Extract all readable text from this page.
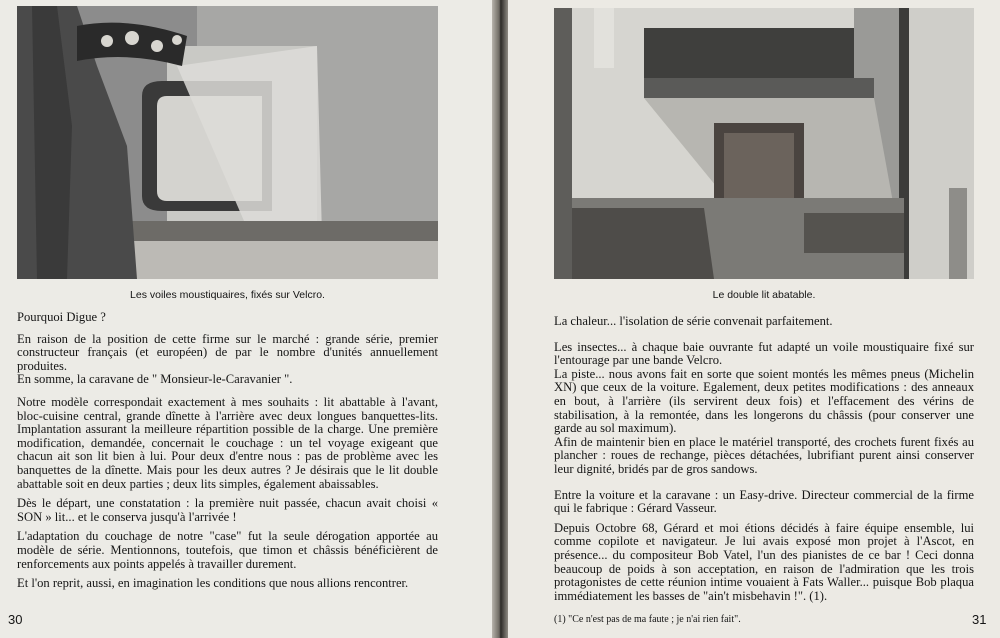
Les voiles moustiquaires, fixés sur Velcro.

Pourquoi Digue ?

En raison de la position de cette firme sur le marché : grande série, premier constructeur français (et européen) de par le nombre d'unités annuellement produites.

En somme, la caravane de " Monsieur-le-Caravanier ".

Notre modèle correspondait exactement à mes souhaits : lit abattable à l'avant, bloc-cuisine central, grande dînette à l'arrière avec deux longues banquettes-lits. Implantation assurant la meilleure répartition possible de la charge. Une première modification, demandée, concernait le couchage : un tel voyage exigeant que chacun ait son lit bien à lui. Pour deux d'entre nous : pas de problème avec les banquettes de la dînette. Mais pour les deux autres ? Je désirais que le lit double abattable soit en deux parties ; deux lits simples, également abaissables.

Dès le départ, une constatation : la première nuit passée, chacun avait choisi « SON » lit... et le conserva jusqu'à l'arrivée !

L'adaptation du couchage de notre "case" fut la seule dérogation apportée au modèle de série. Mentionnons, toutefois, que timon et châssis bénéficièrent de renforcements aux points appelés à travailler durement.

Et l'on reprit, aussi, en imagination les conditions que nous allions rencontrer.

30
Le double lit abatable.

La chaleur... l'isolation de série convenait parfaitement.

Les insectes... à chaque baie ouvrante fut adapté un voile moustiquaire fixé sur l'entourage par une bande Velcro.

La piste... nous avons fait en sorte que soient montés les mêmes pneus (Michelin XN) que ceux de la voiture. Egalement, deux petites modifications : des anneaux en bout, à l'arrière (ils servirent deux fois) et l'effacement des vérins de stabilisation, à la remontée, dans les longerons du châssis (pour conserver une garde au sol maximum).

Afin de maintenir bien en place le matériel transporté, des crochets furent fixés au plancher : roues de rechange, pièces détachées, lubrifiant purent ainsi conserver leur dignité, bridés par de gros sandows.

Entre la voiture et la caravane : un Easy-drive. Directeur commercial de la firme qui le fabrique : Gérard Vasseur.

Depuis Octobre 68, Gérard et moi étions décidés à faire équipe ensemble, lui comme copilote et navigateur. Je lui avais exposé mon projet à l'Ascot, en présence... du compositeur Bob Vatel, l'un des pianistes de ce bar ! Ceci donna beaucoup de poids à son acceptation, en raison de l'admiration que les trois protagonistes de cette réunion intime vouaient à Fats Waller... puisque Bob plaqua immédiatement les basses de "ain't misbehavin !". (1).

(1) "Ce n'est pas de ma faute ; je n'ai rien fait".	31
